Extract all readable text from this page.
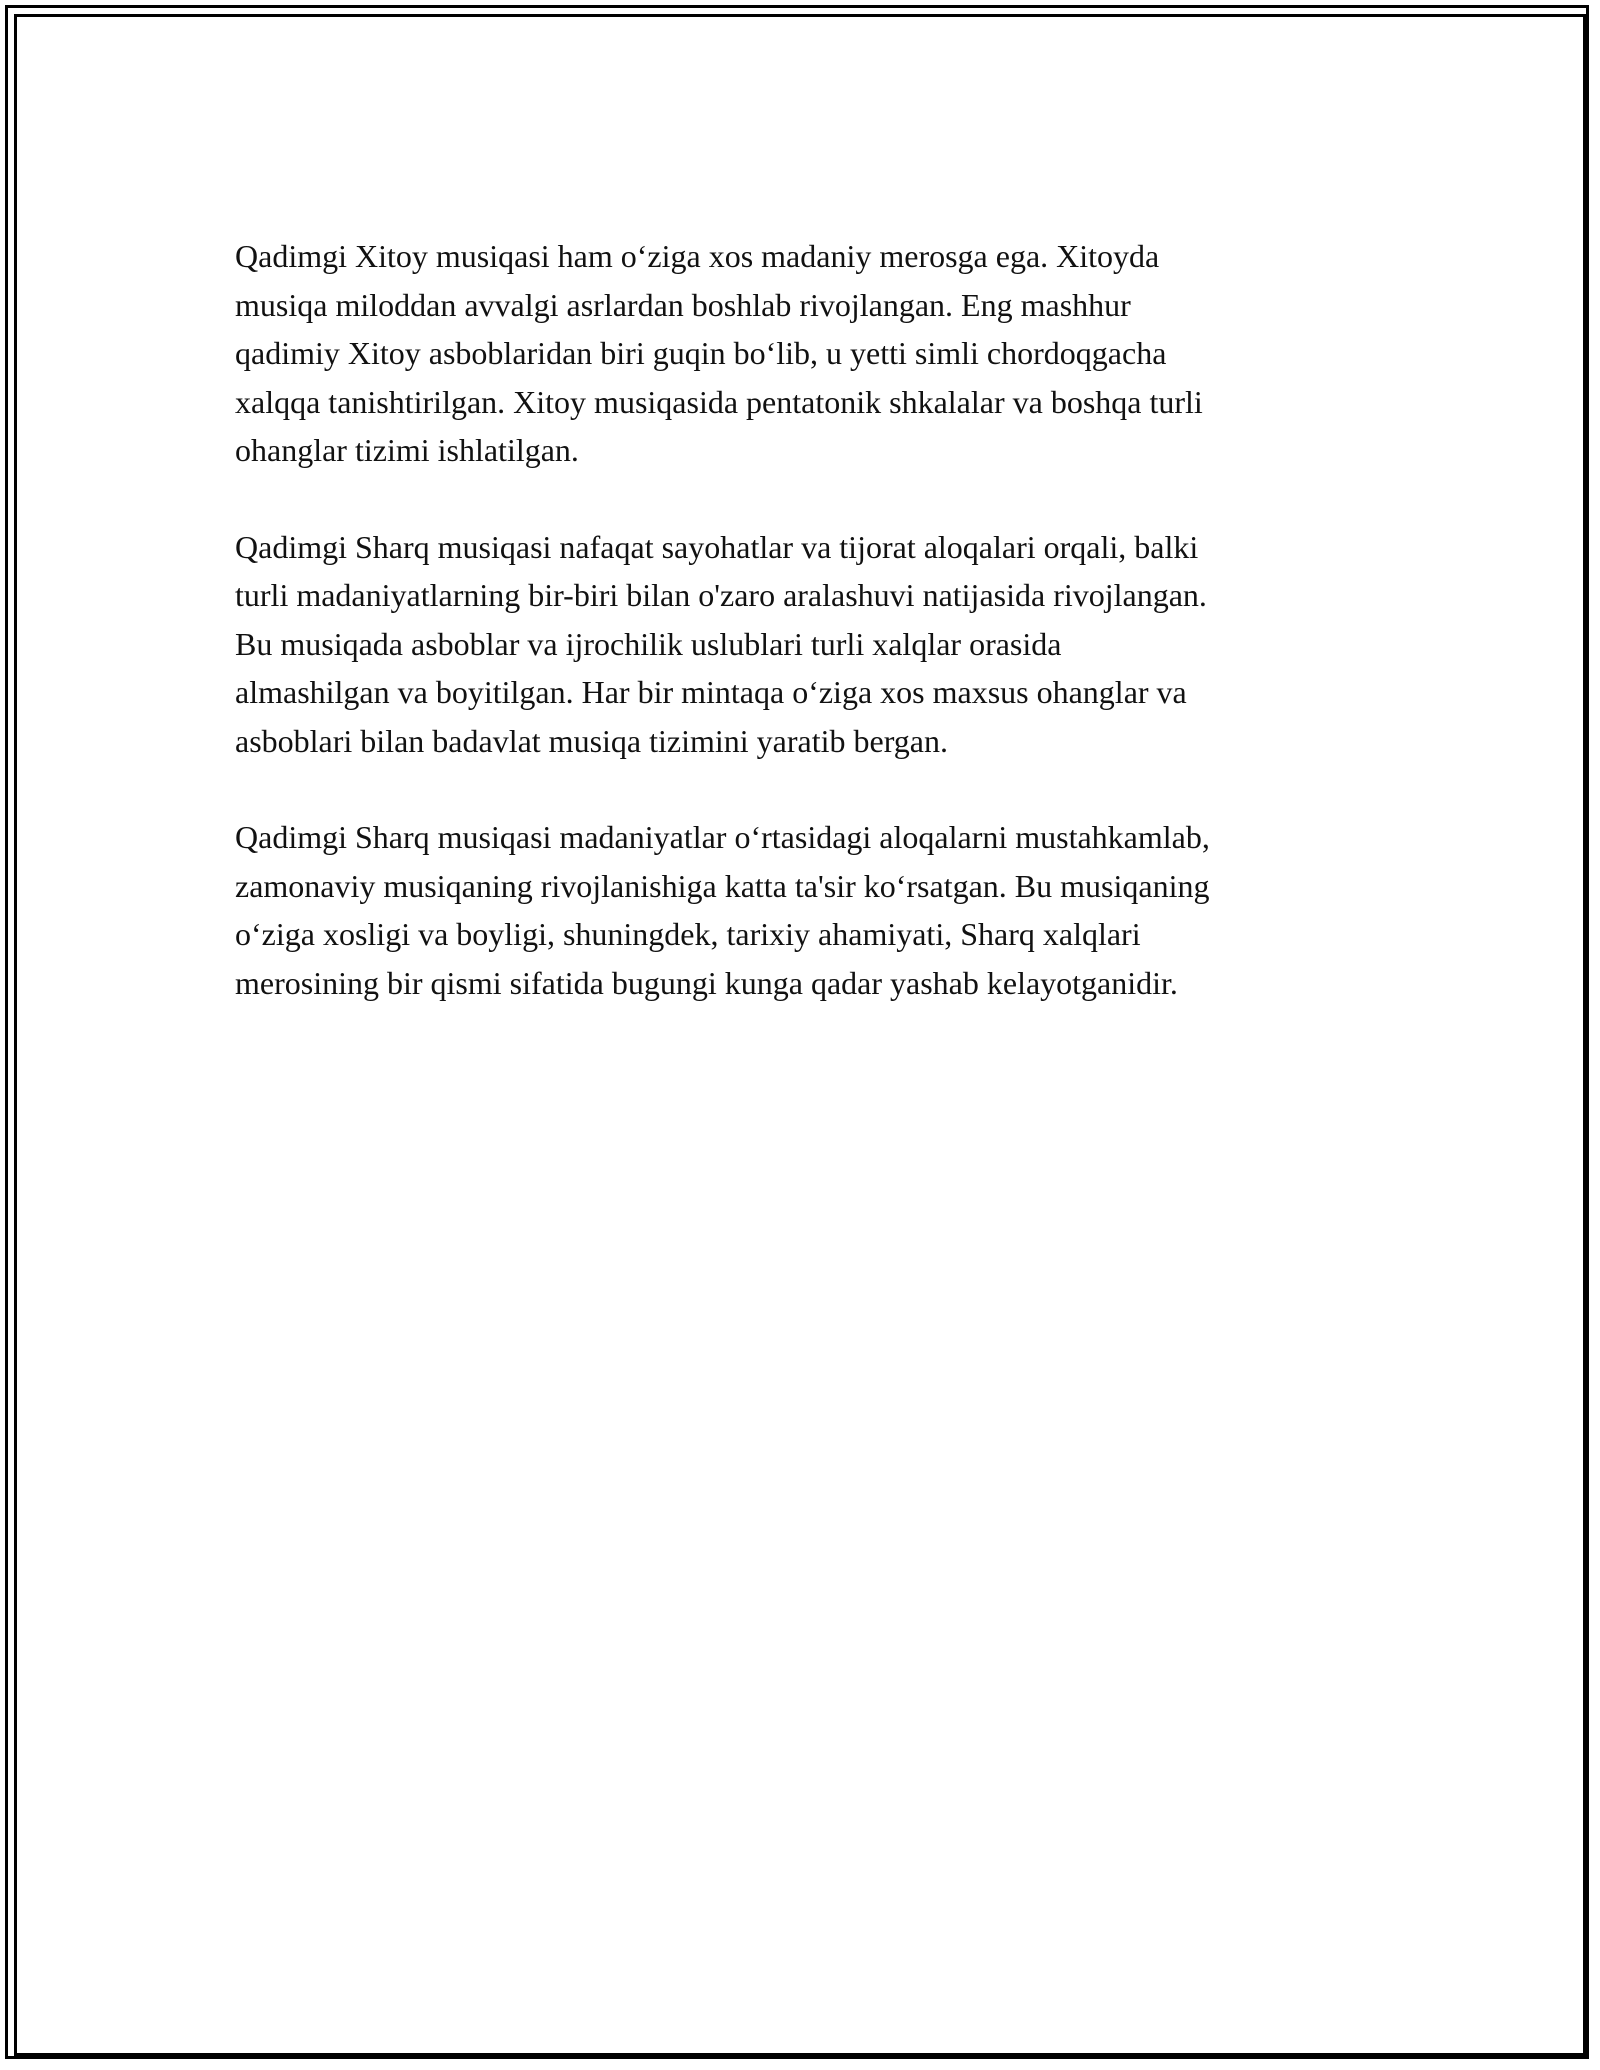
Qadimgi Xitoy musiqasi ham o‘ziga xos madaniy merosga ega. Xitoyda
musiqa miloddan avvalgi asrlardan boshlab rivojlangan. Eng mashhur
qadimiy Xitoy asboblaridan biri guqin bo‘lib, u yetti simli chordoqgacha
xalqqa tanishtirilgan. Xitoy musiqasida pentatonik shkalalar va boshqa turli
ohanglar tizimi ishlatilgan.

Qadimgi Sharq musiqasi nafaqat sayohatlar va tijorat aloqalari orqali, balki
turli madaniyatlarning bir-biri bilan o'zaro aralashuvi natijasida rivojlangan.
Bu musiqada asboblar va ijrochilik uslublari turli xalqlar orasida
almashilgan va boyitilgan. Har bir mintaqa o‘ziga xos maxsus ohanglar va
asboblari bilan badavlat musiqa tizimini yaratib bergan.

Qadimgi Sharq musiqasi madaniyatlar o‘rtasidagi aloqalarni mustahkamlab,
zamonaviy musiqaning rivojlanishiga katta ta'sir ko‘rsatgan. Bu musiqaning
o‘ziga xosligi va boyligi, shuningdek, tarixiy ahamiyati, Sharq xalqlari
merosining bir qismi sifatida bugungi kunga qadar yashab kelayotganidir.
